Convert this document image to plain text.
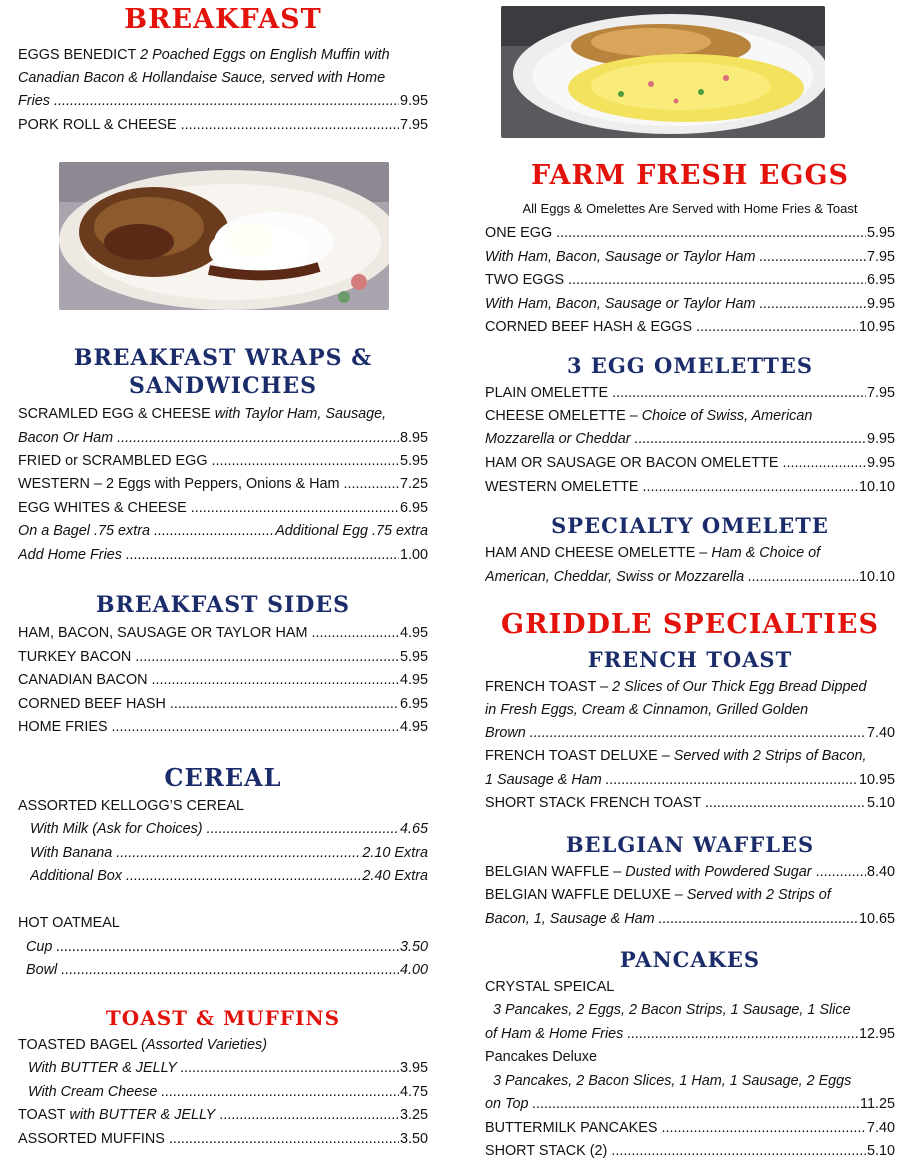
BREAKFAST
EGGS BENEDICT 2 Poached Eggs on English Muffin with
Canadian Bacon & Hollandaise Sauce, served with Home
Fries .....	9.95
PORK ROLL & CHEESE .....	7.95
BREAKFAST WRAPS &
SANDWICHES
SCRAMLED EGG & CHEESE with Taylor Ham, Sausage,
Bacon Or Ham .....	8.95
FRIED or SCRAMBLED EGG .....	5.95
WESTERN – 2 Eggs with Peppers, Onions & Ham .....	7.25
EGG WHITES & CHEESE .....	6.95
On a Bagel .75 extra .....	Additional Egg .75 extra
Add Home Fries .....	1.00
BREAKFAST SIDES
HAM, BACON, SAUSAGE OR TAYLOR HAM .....	4.95
TURKEY BACON .....	5.95
CANADIAN BACON .....	4.95
CORNED BEEF HASH .....	6.95
HOME FRIES .....	4.95
CEREAL
ASSORTED KELLOGG’S CEREAL
With Milk (Ask for Choices) .....	4.65
With Banana .....	2.10 Extra
Additional Box .....	2.40 Extra
HOT OATMEAL
Cup .....	3.50
Bowl .....	4.00
TOAST & MUFFINS
TOASTED BAGEL (Assorted Varieties)
With BUTTER & JELLY .....	3.95
With Cream Cheese .....	4.75
TOAST with BUTTER & JELLY .....	3.25
ASSORTED MUFFINS .....	3.50
FARM FRESH EGGS
All Eggs & Omelettes Are Served with Home Fries & Toast
ONE EGG .....	5.95
With Ham, Bacon, Sausage or Taylor Ham .....	7.95
TWO EGGS .....	6.95
With Ham, Bacon, Sausage or Taylor Ham .....	9.95
CORNED BEEF HASH & EGGS .....	10.95
3 EGG OMELETTES
PLAIN OMELETTE .....	7.95
CHEESE OMELETTE – Choice of Swiss, American
Mozzarella or Cheddar .....	9.95
HAM OR SAUSAGE OR BACON OMELETTE .....	9.95
WESTERN OMELETTE .....	10.10
SPECIALTY OMELETE
HAM AND CHEESE OMELETTE – Ham & Choice of
American, Cheddar, Swiss or Mozzarella .....	10.10
GRIDDLE SPECIALTIES
FRENCH TOAST
FRENCH TOAST – 2 Slices of Our Thick Egg Bread Dipped
in Fresh Eggs, Cream & Cinnamon, Grilled Golden
Brown .....	7.40
FRENCH TOAST DELUXE – Served with 2 Strips of Bacon,
1 Sausage & Ham .....	10.95
SHORT STACK FRENCH TOAST .....	5.10
BELGIAN WAFFLES
BELGIAN WAFFLE – Dusted with Powdered Sugar .....	8.40
BELGIAN WAFFLE DELUXE – Served with 2 Strips of
Bacon, 1, Sausage & Ham .....	10.65
PANCAKES
CRYSTAL SPEICAL
3 Pancakes, 2 Eggs, 2 Bacon Strips, 1 Sausage, 1 Slice
of Ham & Home Fries .....	12.95
Pancakes Deluxe
3 Pancakes, 2 Bacon Slices, 1 Ham, 1 Sausage, 2 Eggs
on Top .....	11.25
BUTTERMILK PANCAKES .....	7.40
SHORT STACK (2) .....	5.10
